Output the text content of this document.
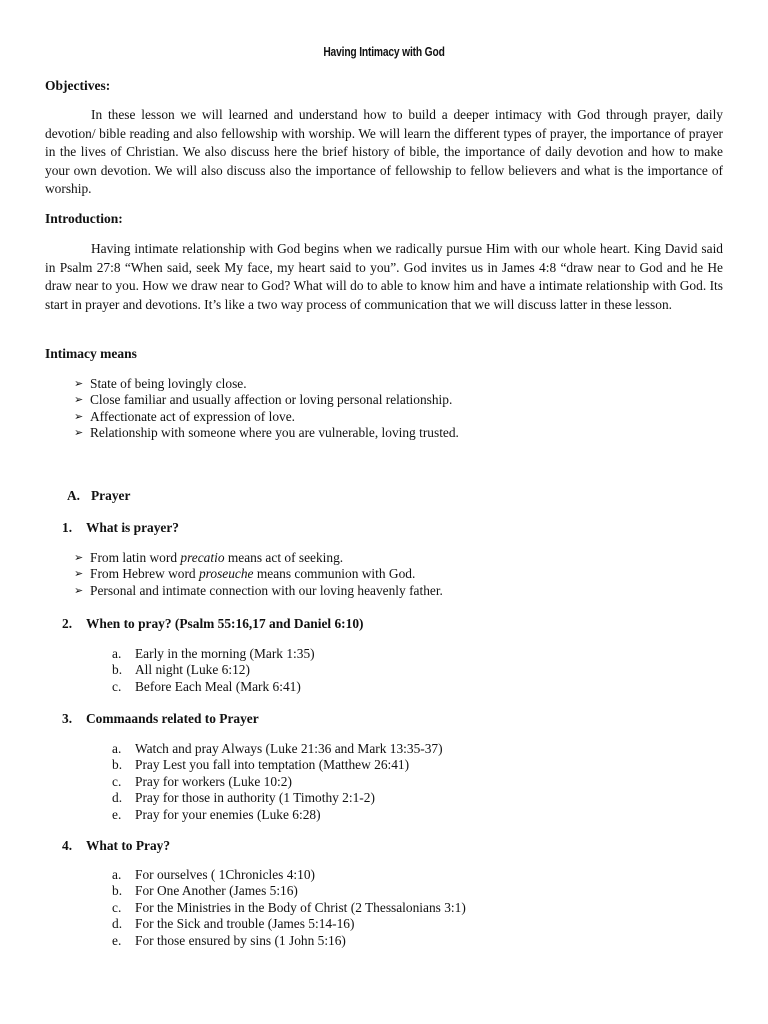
Having Intimacy with God
Objectives:
In these lesson we will learned and understand how to build a deeper intimacy with God through prayer, daily devotion/ bible reading and also fellowship with worship. We will learn the different types of prayer, the importance of prayer in the lives of Christian. We also discuss here the brief history of bible, the importance of daily devotion and how to make your own devotion. We will also discuss also the importance of fellowship to fellow believers and what is the importance of worship.
Introduction:
Having intimate relationship with God begins when we radically pursue Him with our whole heart. King David said in Psalm 27:8 “When said, seek My face, my heart said to you”. God invites us in James 4:8 “draw near to God and he He draw near to you. How we draw near to God? What will do to able to know him and have a intimate relationship with God. Its start in prayer and devotions. It’s like a two way process of communication that we will discuss latter in these lesson.
Intimacy means
➢ State of being lovingly close.
➢ Close familiar and usually affection or loving personal relationship.
➢ Affectionate act of expression of love.
➢ Relationship with someone where you are vulnerable, loving trusted.
A. Prayer
1. What is prayer?
➢ From latin word precatio means act of seeking.
➢ From Hebrew word proseuche means communion with God.
➢ Personal and intimate connection with our loving heavenly father.
2. When to pray? (Psalm 55:16,17 and Daniel 6:10)
a. Early in the morning (Mark 1:35)
b. All night (Luke 6:12)
c. Before Each Meal (Mark 6:41)
3. Commaands related to Prayer
a. Watch and pray Always (Luke 21:36 and Mark 13:35-37)
b. Pray Lest you fall into temptation (Matthew 26:41)
c. Pray for workers (Luke 10:2)
d. Pray for those in authority (1 Timothy 2:1-2)
e. Pray for your enemies (Luke 6:28)
4. What to Pray?
a. For ourselves ( 1Chronicles 4:10)
b. For One Another (James 5:16)
c. For the Ministries in the Body of Christ (2 Thessalonians 3:1)
d. For the Sick and trouble (James 5:14-16)
e. For those ensured by sins (1 John 5:16)
